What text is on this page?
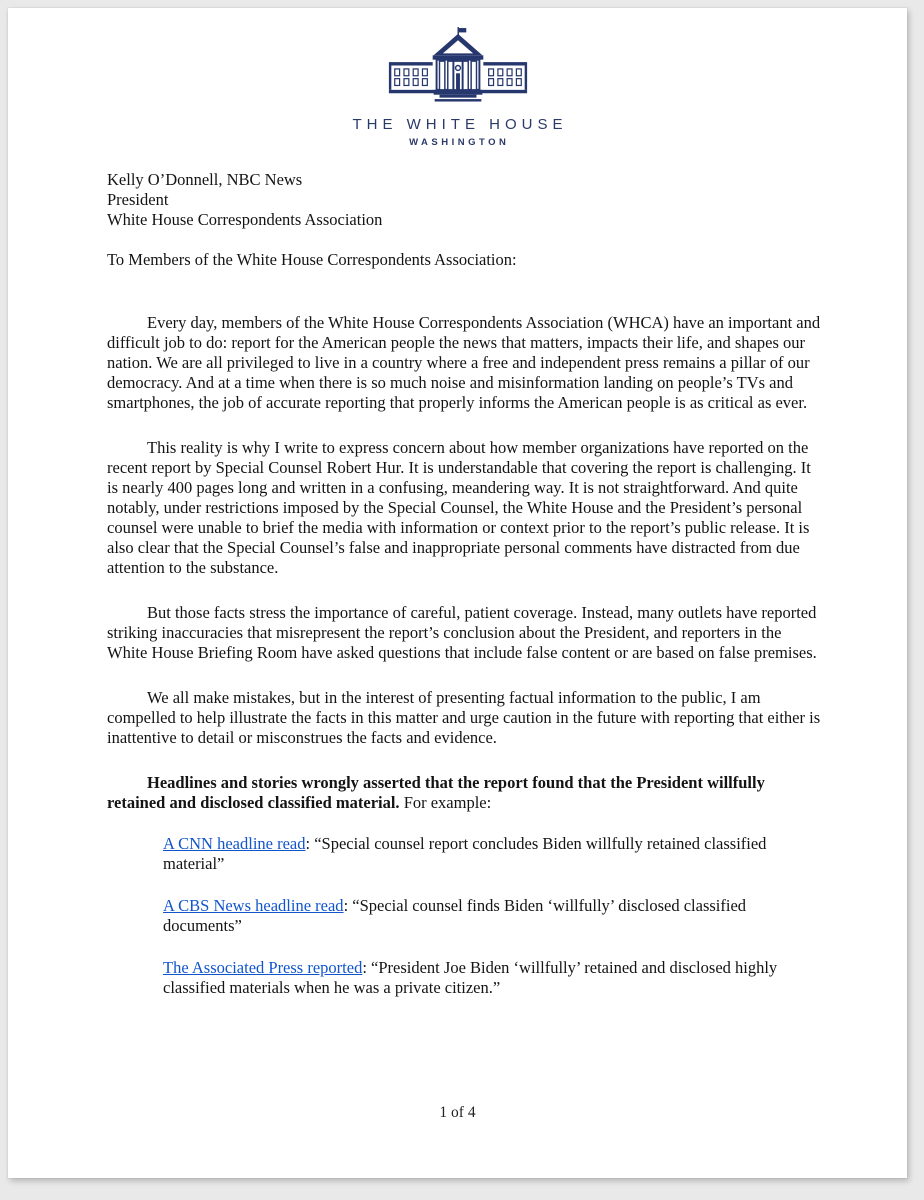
THE WHITE HOUSE
WASHINGTON
Kelly O’Donnell, NBC News
President
White House Correspondents Association

To Members of the White House Correspondents Association:

Every day, members of the White House Correspondents Association (WHCA) have an important and difficult job to do: report for the American people the news that matters, impacts their life, and shapes our nation. We are all privileged to live in a country where a free and independent press remains a pillar of our democracy. And at a time when there is so much noise and misinformation landing on people’s TVs and smartphones, the job of accurate reporting that properly informs the American people is as critical as ever.

This reality is why I write to express concern about how member organizations have reported on the recent report by Special Counsel Robert Hur. It is understandable that covering the report is challenging. It is nearly 400 pages long and written in a confusing, meandering way. It is not straightforward. And quite notably, under restrictions imposed by the Special Counsel, the White House and the President’s personal counsel were unable to brief the media with information or context prior to the report’s public release. It is also clear that the Special Counsel’s false and inappropriate personal comments have distracted from due attention to the substance.

But those facts stress the importance of careful, patient coverage. Instead, many outlets have reported striking inaccuracies that misrepresent the report’s conclusion about the President, and reporters in the White House Briefing Room have asked questions that include false content or are based on false premises.

We all make mistakes, but in the interest of presenting factual information to the public, I am compelled to help illustrate the facts in this matter and urge caution in the future with reporting that either is inattentive to detail or misconstrues the facts and evidence.

Headlines and stories wrongly asserted that the report found that the President willfully retained and disclosed classified material. For example:

A CNN headline read: “Special counsel report concludes Biden willfully retained classified material”
A CBS News headline read: “Special counsel finds Biden ‘willfully’ disclosed classified documents”
The Associated Press reported: “President Joe Biden ‘willfully’ retained and disclosed highly classified materials when he was a private citizen.”
1 of 4
